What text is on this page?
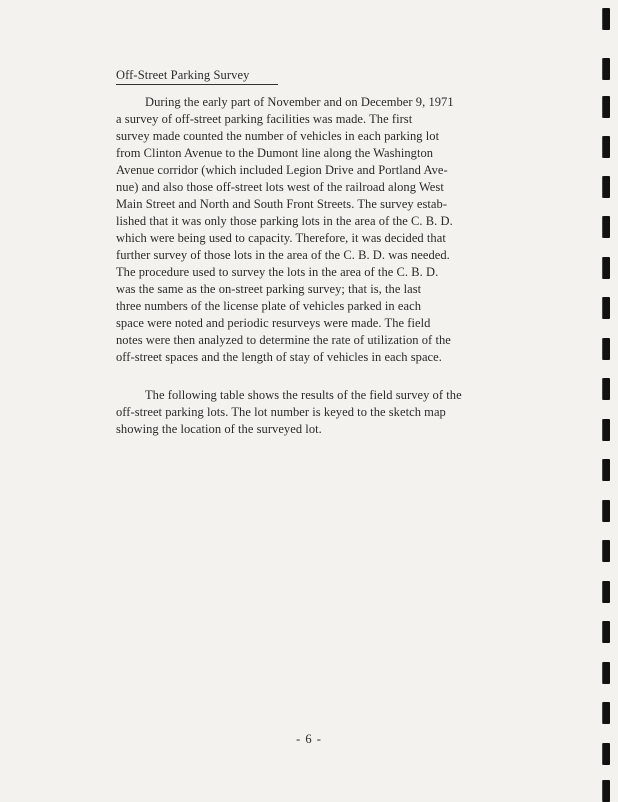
Off-Street Parking Survey
During the early part of November and on December 9, 1971
a survey of off-street parking facilities was made. The first
survey made counted the number of vehicles in each parking lot
from Clinton Avenue to the Dumont line along the Washington
Avenue corridor (which included Legion Drive and Portland Ave-
nue) and also those off-street lots west of the railroad along West
Main Street and North and South Front Streets. The survey estab-
lished that it was only those parking lots in the area of the C. B. D.
which were being used to capacity. Therefore, it was decided that
further survey of those lots in the area of the C. B. D. was needed.
The procedure used to survey the lots in the area of the C. B. D.
was the same as the on-street parking survey; that is, the last
three numbers of the license plate of vehicles parked in each
space were noted and periodic resurveys were made. The field
notes were then analyzed to determine the rate of utilization of the
off-street spaces and the length of stay of vehicles in each space.
The following table shows the results of the field survey of the
off-street parking lots. The lot number is keyed to the sketch map
showing the location of the surveyed lot.
- 6 -
